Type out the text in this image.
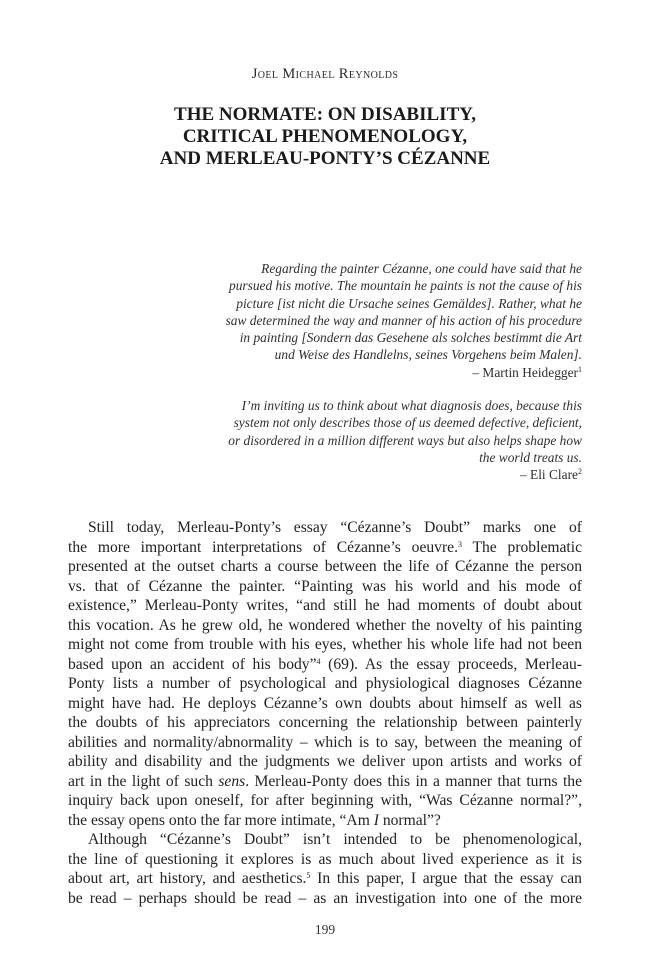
Joel Michael Reynolds
THE NORMATE: ON DISABILITY,
CRITICAL PHENOMENOLOGY,
AND MERLEAU-PONTY’S CÉZANNE
Regarding the painter Cézanne, one could have said that he
pursued his motive. The mountain he paints is not the cause of his
picture [ist nicht die Ursache seines Gemäldes]. Rather, what he
saw determined the way and manner of his action of his procedure
in painting [Sondern das Gesehene als solches bestimmt die Art
und Weise des Handlelns, seines Vorgehens beim Malen].
– Martin Heidegger$^1$
I’m inviting us to think about what diagnosis does, because this
system not only describes those of us deemed defective, deficient,
or disordered in a million different ways but also helps shape how
the world treats us.
– Eli Clare$^2$
Still today, Merleau-Ponty’s essay “Cézanne’s Doubt” marks one of
the more important interpretations of Cézanne’s oeuvre.$^3$ The problematic
presented at the outset charts a course between the life of Cézanne the person
vs. that of Cézanne the painter. “Painting was his world and his mode of
existence,” Merleau-Ponty writes, “and still he had moments of doubt about
this vocation. As he grew old, he wondered whether the novelty of his painting
might not come from trouble with his eyes, whether his whole life had not been
based upon an accident of his body”$^4$ (69). As the essay proceeds, Merleau-
Ponty lists a number of psychological and physiological diagnoses Cézanne
might have had. He deploys Cézanne’s own doubts about himself as well as
the doubts of his appreciators concerning the relationship between painterly
abilities and normality/abnormality – which is to say, between the meaning of
ability and disability and the judgments we deliver upon artists and works of
art in the light of such sens. Merleau-Ponty does this in a manner that turns the
inquiry back upon oneself, for after beginning with, “Was Cézanne normal?”,
the essay opens onto the far more intimate, “Am I normal”?
Although “Cézanne’s Doubt” isn’t intended to be phenomenological,
the line of questioning it explores is as much about lived experience as it is
about art, art history, and aesthetics.$^5$ In this paper, I argue that the essay can
be read – perhaps should be read – as an investigation into one of the more
199
